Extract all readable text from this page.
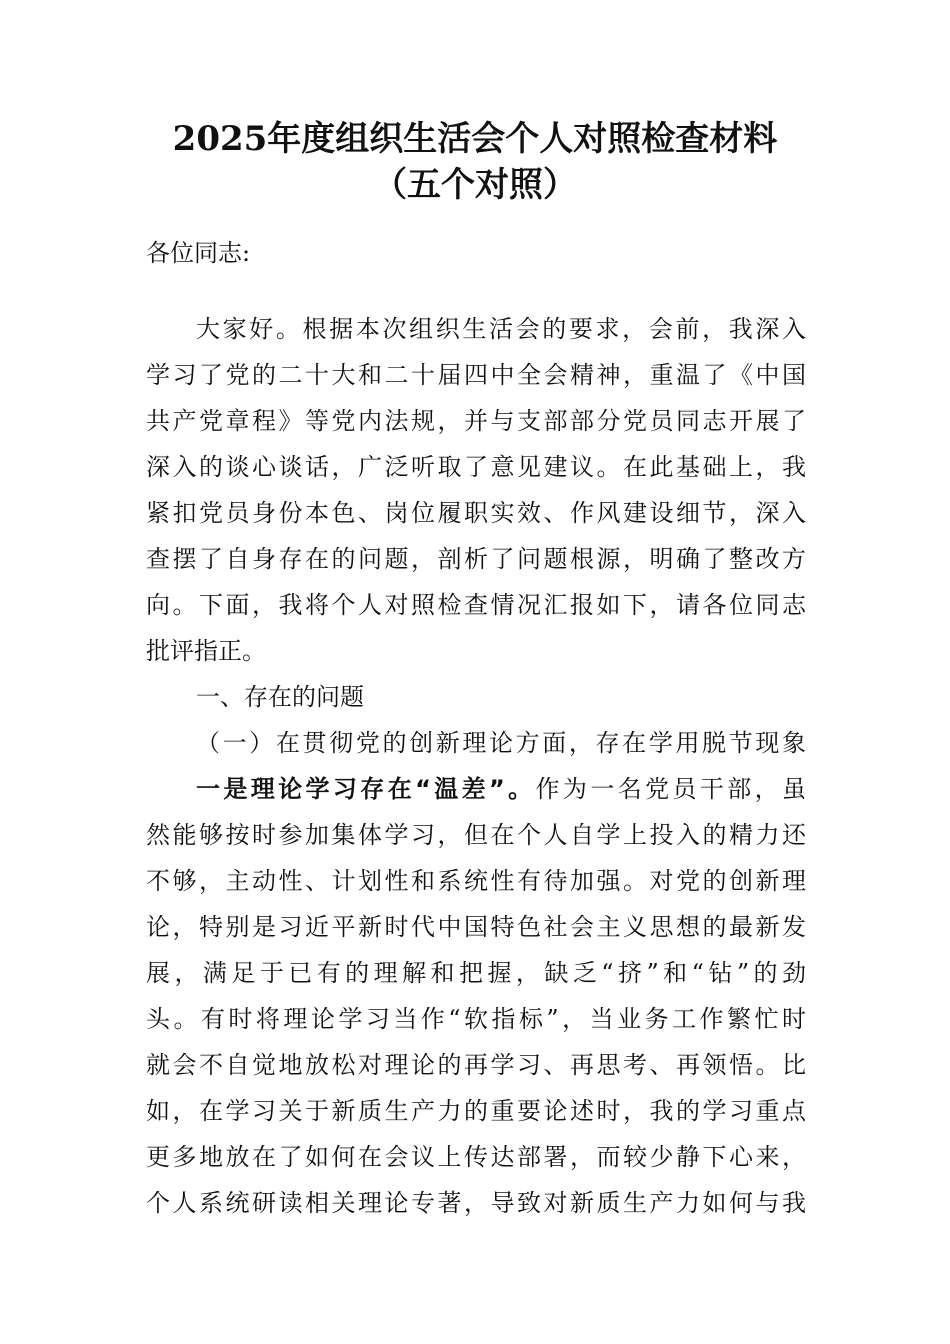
2025年度组织生活会个人对照检查材料
（五个对照）

各位同志:

大家好。根据本次组织生活会的要求，会前，我深入

学习了党的二十大和二十届四中全会精神，重温了《中国

共产党章程》等党内法规，并与支部部分党员同志开展了

深入的谈心谈话，广泛听取了意见建议。在此基础上，我

紧扣党员身份本色、岗位履职实效、作风建设细节，深入

查摆了自身存在的问题，剖析了问题根源，明确了整改方

向。下面，我将个人对照检查情况汇报如下，请各位同志

批评指正。

一、存在的问题

（一）在贯彻党的创新理论方面，存在学用脱节现象

一是理论学习存在“温差”。作为一名党员干部，虽

然能够按时参加集体学习，但在个人自学上投入的精力还

不够，主动性、计划性和系统性有待加强。对党的创新理

论，特别是习近平新时代中国特色社会主义思想的最新发

展，满足于已有的理解和把握，缺乏“挤”和“钻”的劲

头。有时将理论学习当作“软指标”，当业务工作繁忙时

就会不自觉地放松对理论的再学习、再思考、再领悟。比

如，在学习关于新质生产力的重要论述时，我的学习重点

更多地放在了如何在会议上传达部署，而较少静下心来，

个人系统研读相关理论专著，导致对新质生产力如何与我
